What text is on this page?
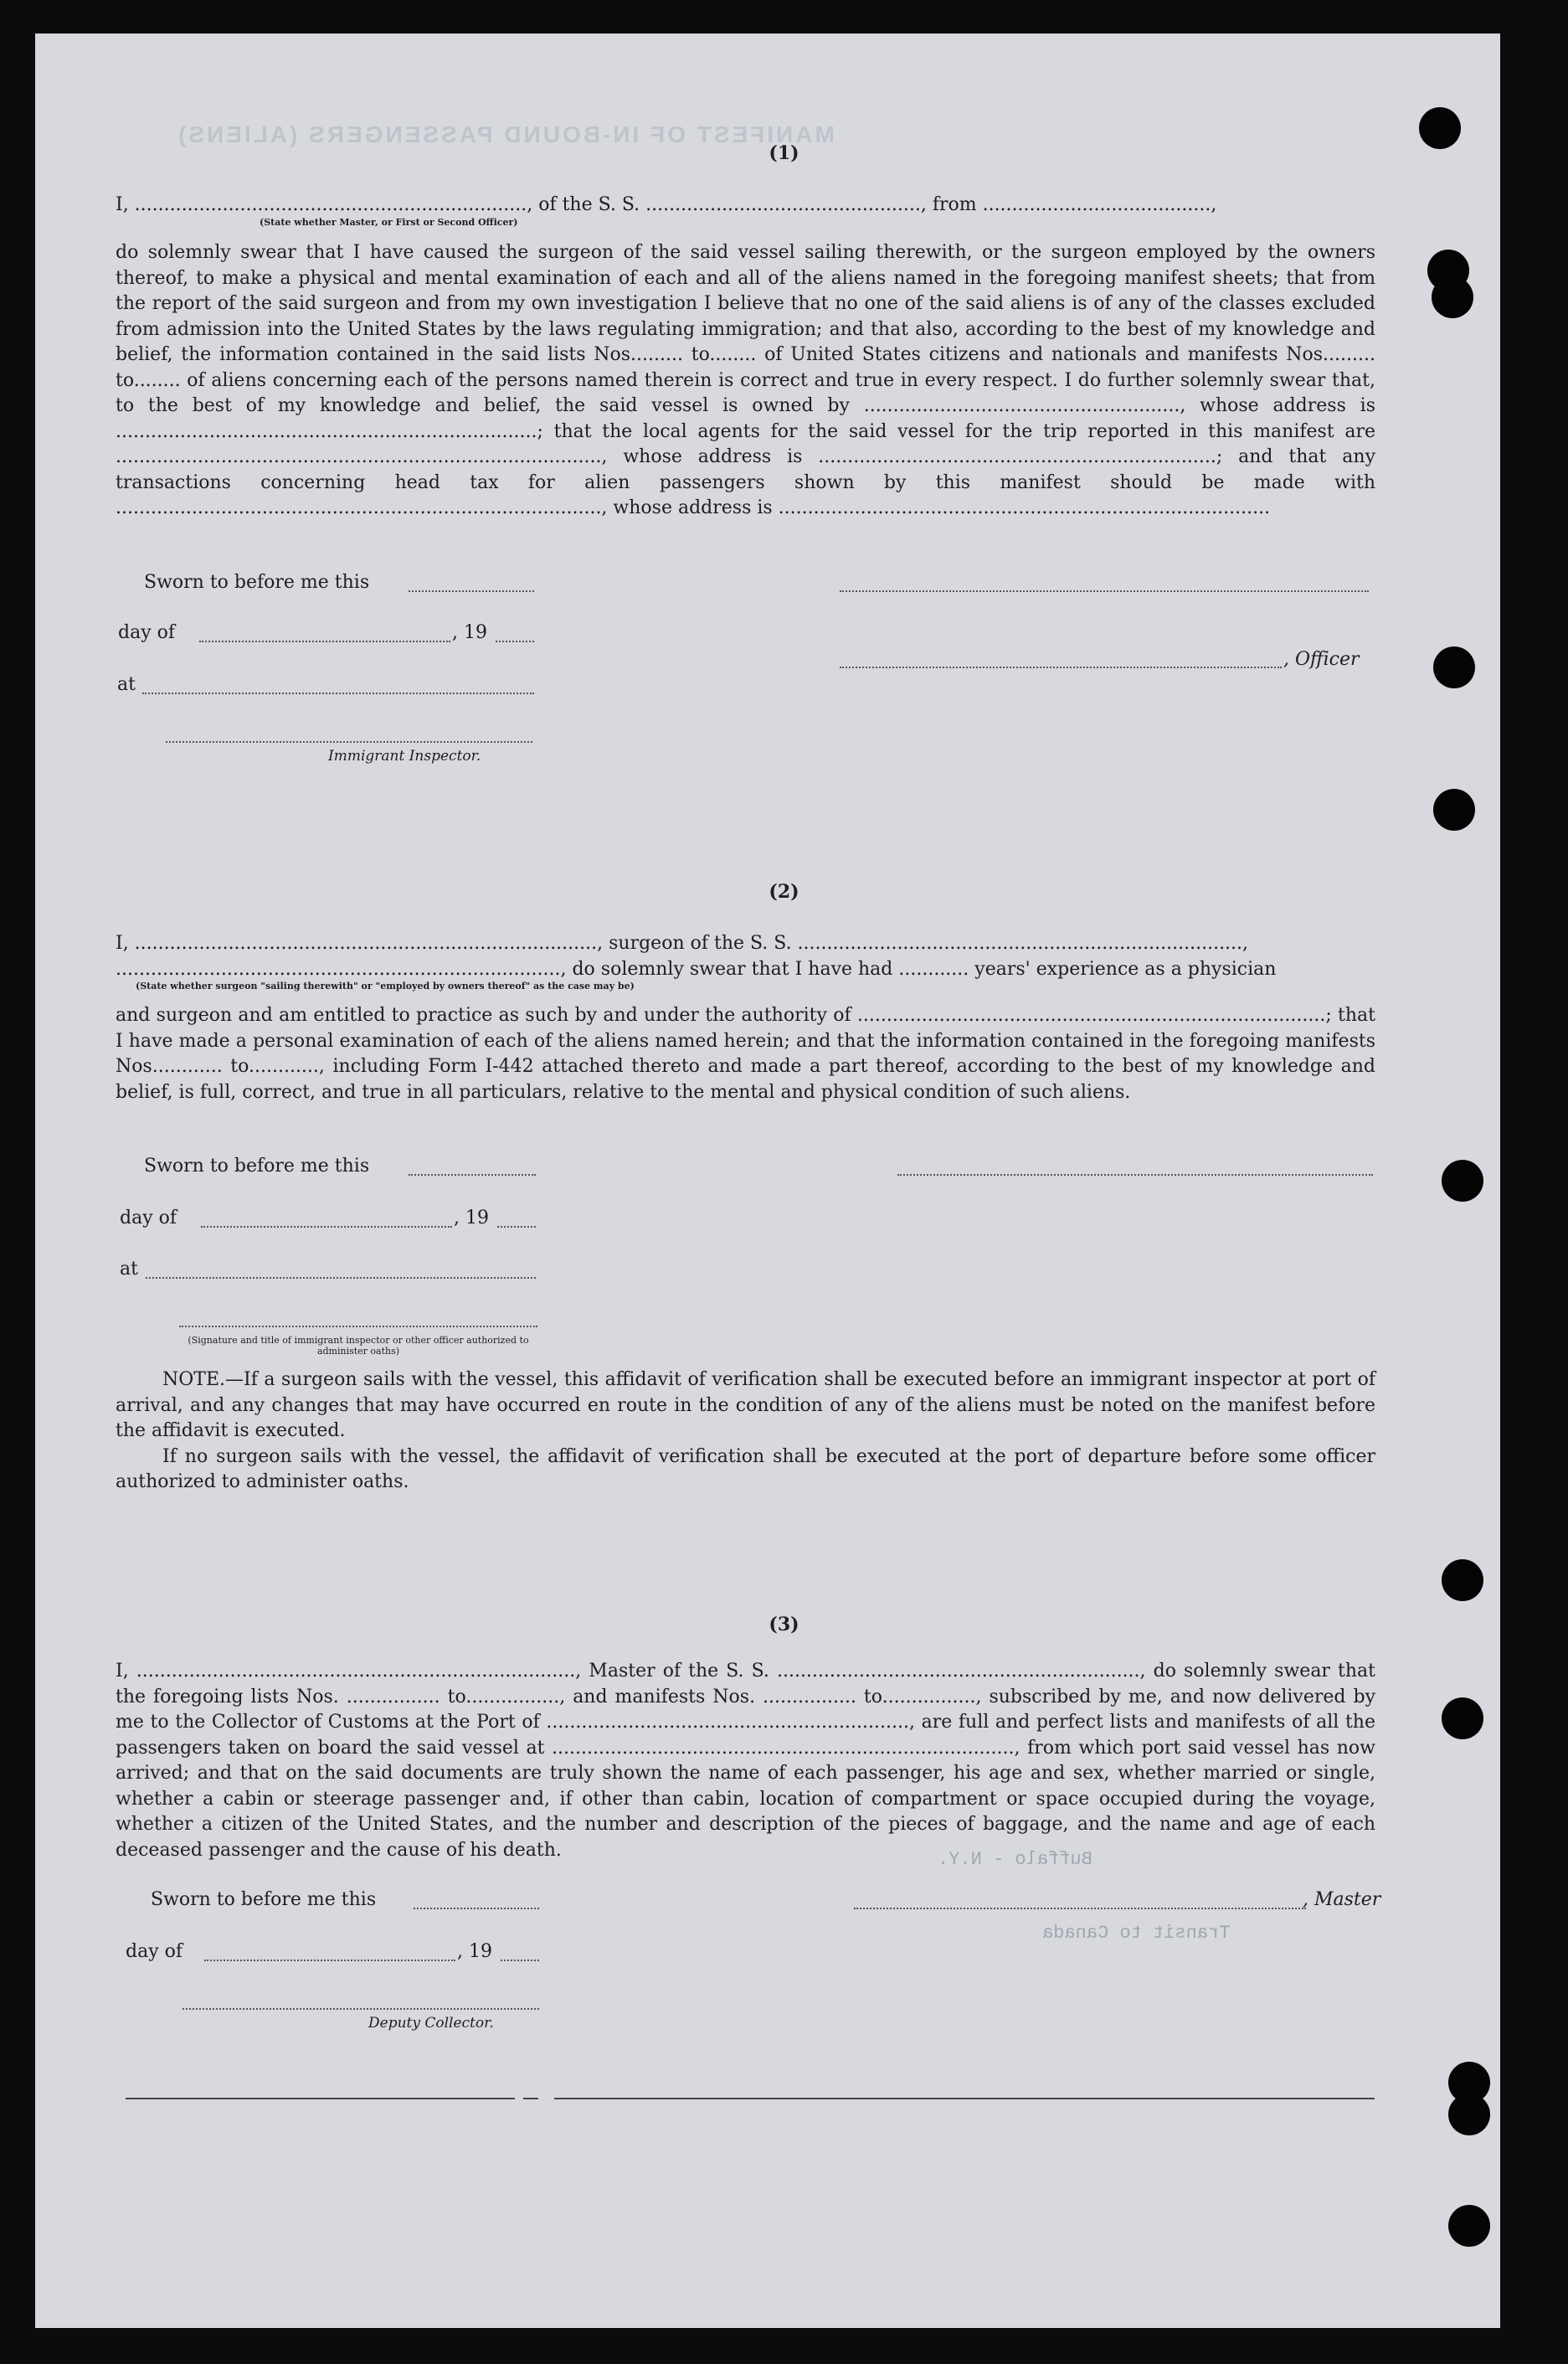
MANIFEST OF IN-BOUND PASSENGERS (ALIENS)
Buffalo - N.Y.
Transit to Canada
(1)

I, ..................................................................., of the S. S. ..............................................., from .......................................,

(State whether Master, or First or Second Officer)

do solemnly swear that I have caused the surgeon of the said vessel sailing therewith, or the surgeon employed by the owners thereof, to make a physical and mental examination of each and all of the aliens named in the foregoing manifest sheets; that from the report of the said surgeon and from my own investigation I believe that no one of the said aliens is of any of the classes excluded from admission into the United States by the laws regulating immigration; and that also, according to the best of my knowledge and belief, the information contained in the said lists Nos......... to........ of United States citizens and nationals and manifests Nos......... to........ of aliens concerning each of the persons named therein is correct and true in every respect. I do further solemnly swear that, to the best of my knowledge and belief, the said vessel is owned by ......................................................, whose address is ........................................................................; that the local agents for the said vessel for the trip reported in this manifest are ..................................................................................., whose address is ....................................................................; and that any transactions concerning head tax for alien passengers shown by this manifest should be made with ..................................................................................., whose address is ....................................................................................

Sworn to before me this
day of	, 19
, Officer
at
Immigrant Inspector.
(2)

I, ..............................................................................., surgeon of the S. S. ............................................................................,

............................................................................, do solemnly swear that I have had ............ years' experience as a physician

(State whether surgeon "sailing therewith" or "employed by owners thereof" as the case may be)

and surgeon and am entitled to practice as such by and under the authority of ................................................................................; that I have made a personal examination of each of the aliens named herein; and that the information contained in the foregoing manifests Nos............ to............, including Form I-442 attached thereto and made a part thereof, according to the best of my knowledge and belief, is full, correct, and true in all particulars, relative to the mental and physical condition of such aliens.

Sworn to before me this
day of	, 19
at
(Signature and title of immigrant inspector or other officer authorized to administer oaths)

NOTE.—If a surgeon sails with the vessel, this affidavit of verification shall be executed before an immigrant inspector at port of arrival, and any changes that may have occurred en route in the condition of any of the aliens must be noted on the manifest before the affidavit is executed.

If no surgeon sails with the vessel, the affidavit of verification shall be executed at the port of departure before some officer authorized to administer oaths.

(3)

I, ..........................................................................., Master of the S. S. .............................................................., do solemnly swear that the foregoing lists Nos. ................ to................, and manifests Nos. ................ to................, subscribed by me, and now delivered by me to the Collector of Customs at the Port of .............................................................., are full and perfect lists and manifests of all the passengers taken on board the said vessel at ..............................................................................., from which port said vessel has now arrived; and that on the said documents are truly shown the name of each passenger, his age and sex, whether married or single, whether a cabin or steerage passenger and, if other than cabin, location of compartment or space occupied during the voyage, whether a citizen of the United States, and the number and description of the pieces of baggage, and the name and age of each deceased passenger and the cause of his death.

Sworn to before me this	, Master
day of	, 19
Deputy Collector.
